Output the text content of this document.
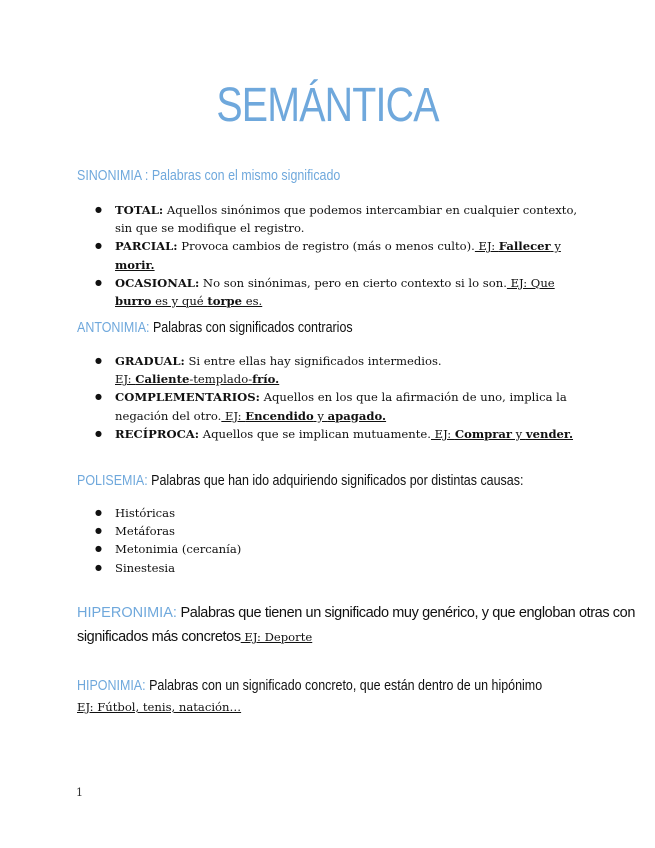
SEMÁNTICA
SINONIMIA : Palabras con el mismo significado
● TOTAL: Aquellos sinónimos que podemos intercambiar en cualquier contexto, sin que se modifique el registro.
● PARCIAL: Provoca cambios de registro (más o menos culto). EJ: Fallecer y morir.
● OCASIONAL: No son sinónimas, pero en cierto contexto si lo son. EJ: Que burro es y qué torpe es.
ANTONIMIA: Palabras con significados contrarios
● GRADUAL: Si entre ellas hay significados intermedios.
EJ: Caliente-templado-frío.
● COMPLEMENTARIOS: Aquellos en los que la afirmación de uno, implica la negación del otro. EJ: Encendido y apagado.
● RECÍPROCA: Aquellos que se implican mutuamente. EJ: Comprar y vender.
POLISEMIA: Palabras que han ido adquiriendo significados por distintas causas:
● Históricas
● Metáforas
● Metonimia (cercanía)
● Sinestesia
HIPERONIMIA: Palabras que tienen un significado muy genérico, y que engloban otras con significados más concretos EJ: Deporte
HIPONIMIA: Palabras con un significado concreto, que están dentro de un hipónimo
EJ: Fútbol, tenis, natación…
1
